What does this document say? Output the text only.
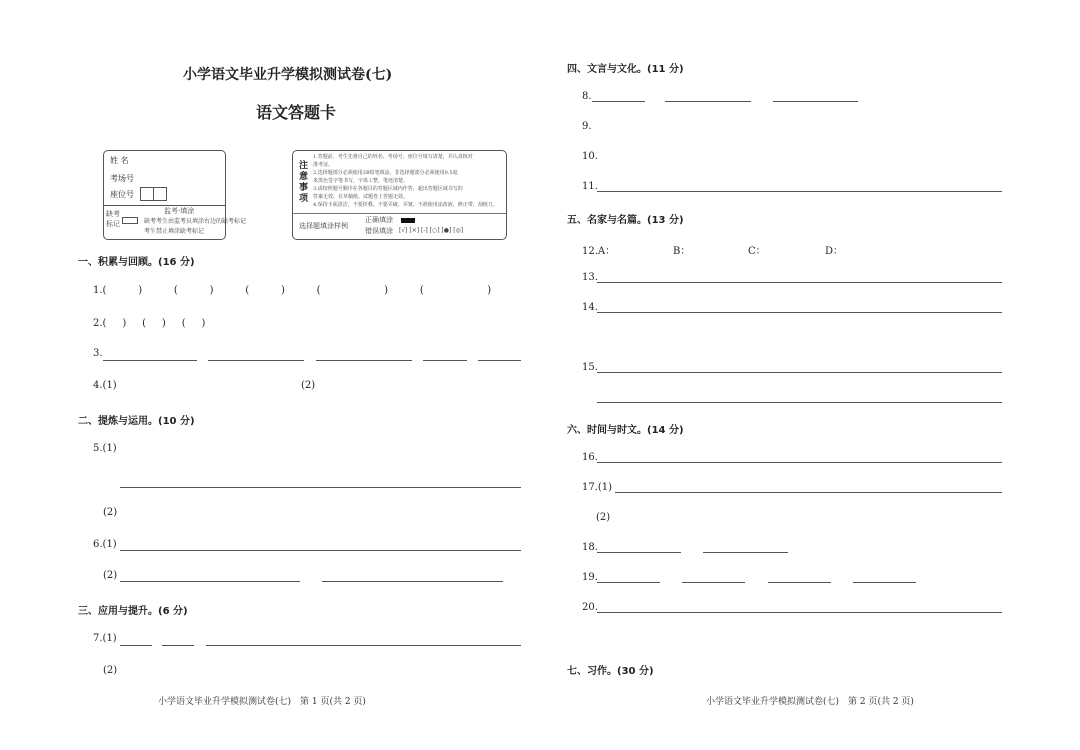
小学语文毕业升学模拟测试卷(七)
语文答题卡
姓 名
考场号
座位号
缺考标记
监考·填涂
缺考考生由监考员填涂右边的缺考标记
考生禁止填涂缺考标记
注意事项
1.答题前，考生先将自己的姓名、考场号、座位号填写清楚，并认真核对
准考证。
2.选择题部分必须使用2B铅笔填涂，非选择题部分必须使用0.5毫
米黑色签字笔书写，字体工整，笔迹清楚。
3.请按照题号顺序在各题目的答题区域内作答，超出答题区域书写的
答案无效，在草稿纸、试题卷上答题无效。
4.保持卡面清洁，不要折叠、不要弄破、弄皱，不准使用涂改液、修正带、刮纸刀。
选择题填涂样例
正确填涂
错误填涂 [√] [×] [-] [○] [●] [◎]
一、积累与回顾。(16 分)
1.(          )          (          )          (          )          (                    )          (                    )
2.(     )     (     )     (     )
3.
4.(1)	(2)
二、提炼与运用。(10 分)
5.(1)
(2)
6.(1)
(2)
三、应用与提升。(6 分)
7.(1)
(2)
小学语文毕业升学模拟测试卷(七)　第 1 页(共 2 页)
四、文言与文化。(11 分)
8.
9.
10.
11.
五、名家与名篇。(13 分)
12.A：	B：	C：	D：
13.
14.
15.
六、时间与时文。(14 分)
16.
17.(1)
(2)
18.
19.
20.
七、习作。(30 分)
小学语文毕业升学模拟测试卷(七)　第 2 页(共 2 页)
